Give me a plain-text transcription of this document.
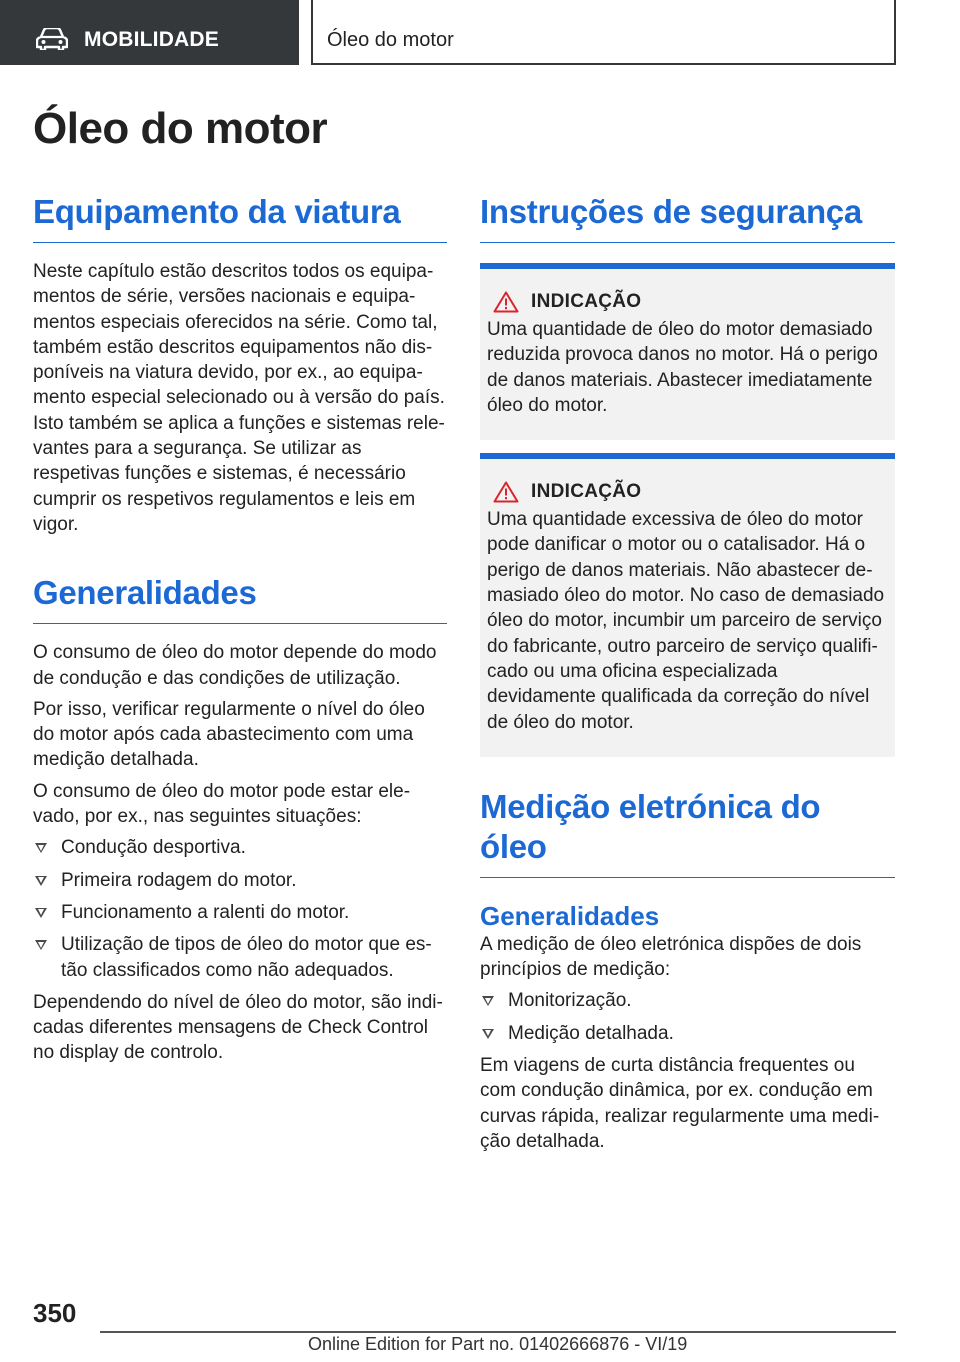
MOBILIDADE	Óleo do motor
Óleo do motor
Equipamento da viatura

Neste capítulo estão descritos todos os equipamentos de série, versões nacionais e equipamentos especiais oferecidos na série. Como tal, também estão descritos equipamentos não disponíveis na viatura devido, por ex., ao equipamento especial selecionado ou à versão do país. Isto também se aplica a funções e sistemas relevantes para a segurança. Se utilizar as respetivas funções e sistemas, é necessário cumprir os respetivos regulamentos e leis em vigor.

Generalidades

O consumo de óleo do motor depende do modo de condução e das condições de utilização.

Por isso, verificar regularmente o nível do óleo do motor após cada abastecimento com uma medição detalhada.

O consumo de óleo do motor pode estar elevado, por ex., nas seguintes situações:

Condução desportiva.
Primeira rodagem do motor.
Funcionamento a ralenti do motor.
Utilização de tipos de óleo do motor que estão classificados como não adequados.

Dependendo do nível de óleo do motor, são indicadas diferentes mensagens de Check Control no display de controlo.

Instruções de segurança
INDICAÇÃO

Uma quantidade de óleo do motor demasiado reduzida provoca danos no motor. Há o perigo de danos materiais. Abastecer imediatamente óleo do motor.

INDICAÇÃO

Uma quantidade excessiva de óleo do motor pode danificar o motor ou o catalisador. Há o perigo de danos materiais. Não abastecer demasiado óleo do motor. No caso de demasiado óleo do motor, incumbir um parceiro de serviço do fabricante, outro parceiro de serviço qualificado ou uma oficina especializada devidamente qualificada da correção do nível de óleo do motor.

Medição eletrónica do óleo
Generalidades

A medição de óleo eletrónica dispões de dois princípios de medição:

Monitorização.
Medição detalhada.

Em viagens de curta distância frequentes ou com condução dinâmica, por ex. condução em curvas rápida, realizar regularmente uma medição detalhada.

350
Online Edition for Part no. 01402666876 - VI/19
